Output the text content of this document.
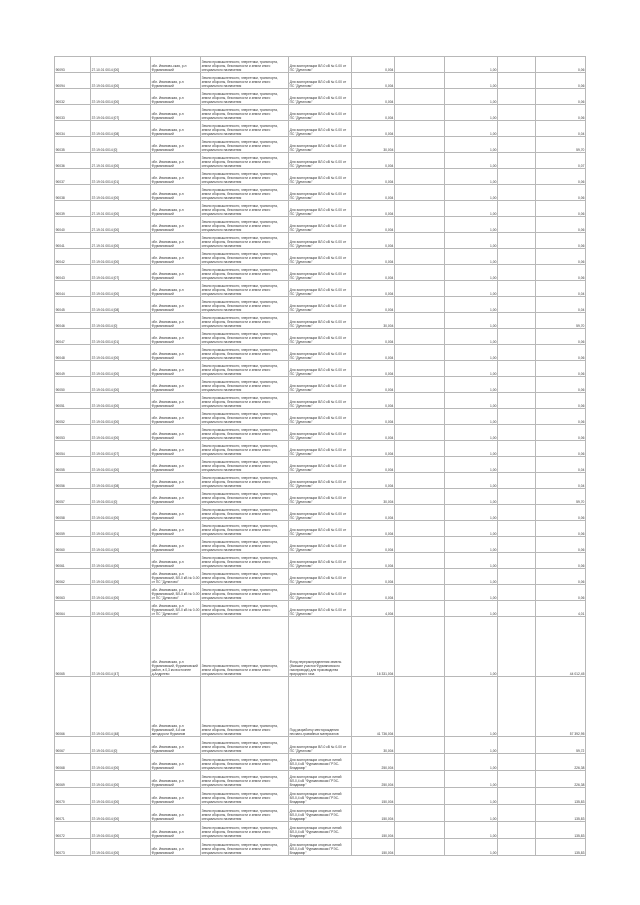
90093	27.10.01 0014 [00]	обл. Иваново-ская, р-н Фурмановский	Земли промышленности, энергетики, транспорта, земли обороны, безопасности и земли иного специального назначения	Для эксплуатации ВЛ-0 кВ № 0-00 от ПС "Дунилово"	0,004		1,00		0,06
90094	37:19:01:0014 [00]	обл. Ивановская, р-н Фурмановский	Земли промышленности, энергетики, транспорта, земли обороны, безопасности и земли иного специального назначения	Для эксплуатации ВЛ-0 кВ № 0-00 от ПС "Дунилово"	0,004		1,00		0,06
90032	37:19:01:0014 [00]	обл. Ивановская, р-н Фурмановский	Земли промышленности, энергетики, транспорта, земли обороны, безопасности и земли иного специального назначения	Для эксплуатации ВЛ-0 кВ № 0-00 от ПС "Дунилово"	0,004		1,00		0,06
90033	37:19:01:0014 [07]	обл. Ивановская, р-н Фурмановский	Земли промышленности, энергетики, транспорта, земли обороны, безопасности и земли иного специального назначения	Для эксплуатации ВЛ-0 кВ № 0-00 от ПС "Дунилово"	0,004		1,00		0,06
90034	37:19:01:0014 [08]	обл. Ивановская, р-н Фурмановский	Земли промышленности, энергетики, транспорта, земли обороны, безопасности и земли иного специального назначения	Для эксплуатации ВЛ-0 кВ № 0-00 от ПС "Дунилово"	0,004		1,00		0,04
90035	37:19:01:0014 [0]	обл. Ивановская, р-н Фурмановский	Земли промышленности, энергетики, транспорта, земли обороны, безопасности и земли иного специального назначения	Для эксплуатации ВЛ-0 кВ № 0-00 от ПС "Дунилово"	30,004		1,00		59,70
90036	27.19.01 0014 [00]	обл. Ивановская, р-н Фурмановский	Земли промышленности, энергетики, транспорта, земли обороны, безопасности и земли иного специального назначения	Для эксплуатации ВЛ-0 кВ № 0-00 от ПС "Дунилово"	0,004		1,00		0,07
90037	37:19:01:0014 [01]	обл. Ивановская, р-н Фурмановский	Земли промышленности, энергетики, транспорта, земли обороны, безопасности и земли иного специального назначения	Для эксплуатации ВЛ-0 кВ № 0-00 от ПС "Дунилово"	0,004		1,00		0,06
90038	37:19:01:0014 [00]	обл. Ивановская, р-н Фурмановский	Земли промышленности, энергетики, транспорта, земли обороны, безопасности и земли иного специального назначения	Для эксплуатации ВЛ-0 кВ № 0-00 от ПС "Дунилово"	0,004		1,00		0,06
90039	27.19.01 0014 [00]	обл. Ивановская, р-н Фурмановский	Земли промышленности, энергетики, транспорта, земли обороны, безопасности и земли иного специального назначения	Для эксплуатации ВЛ-0 кВ № 0-00 от ПС "Дунилово"	0,004		1,00		0,06
90040	27.19.01 0014 [00]	обл. Ивановская, р-н Фурмановский	Земли промышленности, энергетики, транспорта, земли обороны, безопасности и земли иного специального назначения	Для эксплуатации ВЛ-0 кВ № 0-00 от ПС "Дунилово"	0,004		1,00		0,06
90041	27.19.01 0014 [00]	обл. Ивановская, р-н Фурмановский	Земли промышленности, энергетики, транспорта, земли обороны, безопасности и земли иного специального назначения	Для эксплуатации ВЛ-0 кВ № 0-00 от ПС "Дунилово"	0,004		1,00		0,06
90042	37:19:01:0014 [00]	обл. Ивановская, р-н Фурмановский	Земли промышленности, энергетики, транспорта, земли обороны, безопасности и земли иного специального назначения	Для эксплуатации ВЛ-0 кВ № 0-00 от ПС "Дунилово"	0,004		1,00		0,06
90043	37:19:01:0014 [07]	обл. Ивановская, р-н Фурмановский	Земли промышленности, энергетики, транспорта, земли обороны, безопасности и земли иного специального назначения	Для эксплуатации ВЛ-0 кВ № 0-00 от ПС "Дунилово"	0,004		1,00		0,06
90044	37:19:01:0014 [00]	обл. Ивановская, р-н Фурмановский	Земли промышленности, энергетики, транспорта, земли обороны, безопасности и земли иного специального назначения	Для эксплуатации ВЛ-0 кВ № 0-00 от ПС "Дунилово"	0,004		1,00		0,04
90045	37:19:01:0014 [08]	обл. Ивановская, р-н Фурмановский	Земли промышленности, энергетики, транспорта, земли обороны, безопасности и земли иного специального назначения	Для эксплуатации ВЛ-0 кВ № 0-00 от ПС "Дунилово"	0,004		1,00		0,04
90046	37:19:01:0014 [0]	обл. Ивановская, р-н Фурмановский	Земли промышленности, энергетики, транспорта, земли обороны, безопасности и земли иного специального назначения	Для эксплуатации ВЛ-0 кВ № 0-00 от ПС "Дунилово"	30,004		1,00		59,70
90047	37:19:01:0014 [01]	обл. Ивановская, р-н Фурмановский	Земли промышленности, энергетики, транспорта, земли обороны, безопасности и земли иного специального назначения	Для эксплуатации ВЛ-0 кВ № 0-00 от ПС "Дунилово"	0,004		1,00		0,06
90048	37:19:01:0014 [00]	обл. Ивановская, р-н Фурмановский	Земли промышленности, энергетики, транспорта, земли обороны, безопасности и земли иного специального назначения	Для эксплуатации ВЛ-0 кВ № 0-00 от ПС "Дунилово"	0,004		1,00		0,06
90049	37:19:01:0014 [00]	обл. Ивановская, р-н Фурмановский	Земли промышленности, энергетики, транспорта, земли обороны, безопасности и земли иного специального назначения	Для эксплуатации ВЛ-0 кВ № 0-00 от ПС "Дунилово"	0,004		1,00		0,06
90050	37:19:01:0014 [00]	обл. Ивановская, р-н Фурмановский	Земли промышленности, энергетики, транспорта, земли обороны, безопасности и земли иного специального назначения	Для эксплуатации ВЛ-0 кВ № 0-00 от ПС "Дунилово"	0,004		1,00		0,06
90051	37:19:01:0014 [00]	обл. Ивановская, р-н Фурмановский	Земли промышленности, энергетики, транспорта, земли обороны, безопасности и земли иного специального назначения	Для эксплуатации ВЛ-0 кВ № 0-00 от ПС "Дунилово"	0,004		1,00		0,06
90052	37:19:01:0014 [00]	обл. Ивановская, р-н Фурмановский	Земли промышленности, энергетики, транспорта, земли обороны, безопасности и земли иного специального назначения	Для эксплуатации ВЛ-0 кВ № 0-00 от ПС "Дунилово"	0,004		1,00		0,06
90053	37:19:01:0014 [00]	обл. Ивановская, р-н Фурмановский	Земли промышленности, энергетики, транспорта, земли обороны, безопасности и земли иного специального назначения	Для эксплуатации ВЛ-0 кВ № 0-00 от ПС "Дунилово"	0,004		1,00		0,06
90054	37:19:01:0014 [07]	обл. Ивановская, р-н Фурмановский	Земли промышленности, энергетики, транспорта, земли обороны, безопасности и земли иного специального назначения	Для эксплуатации ВЛ-0 кВ № 0-00 от ПС "Дунилово"	0,004		1,00		0,06
90055	37:19:01:0014 [00]	обл. Ивановская, р-н Фурмановский	Земли промышленности, энергетики, транспорта, земли обороны, безопасности и земли иного специального назначения	Для эксплуатации ВЛ-0 кВ № 0-00 от ПС "Дунилово"	0,004		1,00		0,04
90056	37:19:01:0014 [08]	обл. Ивановская, р-н Фурмановский	Земли промышленности, энергетики, транспорта, земли обороны, безопасности и земли иного специального назначения	Для эксплуатации ВЛ-0 кВ № 0-00 от ПС "Дунилово"	0,004		1,00		0,04
90057	37:19:01:0014 [0]	обл. Ивановская, р-н Фурмановский	Земли промышленности, энергетики, транспорта, земли обороны, безопасности и земли иного специального назначения	Для эксплуатации ВЛ-0 кВ № 0-00 от ПС "Дунилово"	30,004		1,00		59,70
90058	37:19:01:0014 [00]	обл. Ивановская, р-н Фурмановский	Земли промышленности, энергетики, транспорта, земли обороны, безопасности и земли иного специального назначения	Для эксплуатации ВЛ-0 кВ № 0-00 от ПС "Дунилово"	0,004		1,00		0,06
90059	37:19:01:0014 [01]	обл. Ивановская, р-н Фурмановский	Земли промышленности, энергетики, транспорта, земли обороны, безопасности и земли иного специального назначения	Для эксплуатации ВЛ-0 кВ № 0-00 от ПС "Дунилово"	0,004		1,00		0,06
90060	37:19:01:0014 [00]	обл. Ивановская, р-н Фурмановский	Земли промышленности, энергетики, транспорта, земли обороны, безопасности и земли иного специального назначения	Для эксплуатации ВЛ-0 кВ № 0-00 от ПС "Дунилово"	0,004		1,00		0,06
90061	37:19:01:0014 [00]	обл. Ивановская, р-н Фурмановский	Земли промышленности, энергетики, транспорта, земли обороны, безопасности и земли иного специального назначения	Для эксплуатации ВЛ-0 кВ № 0-00 от ПС "Дунилово"	0,004		1,00		0,06
90062	37:19:01:0014 [00]	обл. Ивановская, р-н Фурмановский, ВЛ-0 кВ № 0-00 от ПС "Дунилово"	Земли промышленности, энергетики, транспорта, земли обороны, безопасности и земли иного специального назначения	Для эксплуатации ВЛ-0 кВ № 0-00 от ПС "Дунилово"	0,004		1,00		0,06
90063	37:19:01:0014 [00]	обл. Ивановская, р-н Фурмановский, ВЛ-0 кВ № 0-00 от ПС "Дунилово"	Земли промышленности, энергетики, транспорта, земли обороны, безопасности и земли иного специального назначения	Для эксплуатации ВЛ-0 кВ № 0-00 от ПС "Дунилово"	0,004		1,00		0,06
90064	37:19:01:0014 [00]	обл. Ивановская, р-н Фурмановский, ВЛ-0 кВ № 0-00 от ПС "Дунилово"	Земли промышленности, энергетики, транспорта, земли обороны, безопасности и земли иного специального назначения	Для эксплуатации ВЛ-0 кВ № 0-00 от ПС "Дунилово"	4,004		1,00		4,01
90065	37:19:01:0014 [47]	обл. Ивановская, р-н Фурмановский, Фурмановский район, в 0,3 км восточнее д.Андреево	Земли промышленности, энергетики, транспорта, земли обороны, безопасности и земли иного специального назначения	Фонд перераспределения земель (бывшие участки Фурмановского газопровода) для производства природного газа	16 331,004		1,00		44 012,45
90066	37:19:01:0014 [48]	обл. Ивановская, р-н Фурмановский, 4-й км автодороги Фурманов	Земли промышленности, энергетики, транспорта, земли обороны, безопасности и земли иного специального назначения	Под разработку месторождения песчано-гравийных материалов	41 736,004		1,00		57 392,95
90067	37:19:01:0014 [0]	обл. Ивановская, р-н Фурмановский	Земли промышленности, энергетики, транспорта, земли обороны, безопасности и земли иного специального назначения	Для эксплуатации ВЛ-0 кВ № 0-00 от ПС "Дунилово"	30,004		1,00		59,72
90068	37:19:01:0014 [00]	обл. Ивановская, р-н Фурмановский	Земли промышленности, энергетики, транспорта, земли обороны, безопасности и земли иного специального назначения	Для эксплуатации опорных линий ВЛ-0,4 кВ "Фурмановская ГРЭС-Владимир"	250,004		1,00		226,38
90069	37:19:01:0014 [00]	обл. Ивановская, р-н Фурмановский	Земли промышленности, энергетики, транспорта, земли обороны, безопасности и земли иного специального назначения	Для эксплуатации опорных линий ВЛ-0,4 кВ "Фурмановская ГРЭС-Владимир"	250,004		1,00		226,38
90070	37:19:01:0014 [00]	обл. Ивановская, р-н Фурмановский	Земли промышленности, энергетики, транспорта, земли обороны, безопасности и земли иного специального назначения	Для эксплуатации опорных линий ВЛ-0,4 кВ "Фурмановская ГРЭС-Владимир"	150,004		1,00		135,83
90071	37:19:01:0014 [00]	обл. Ивановская, р-н Фурмановский	Земли промышленности, энергетики, транспорта, земли обороны, безопасности и земли иного специального назначения	Для эксплуатации опорных линий ВЛ-0,4 кВ "Фурмановская ГРЭС-Владимир"	150,004		1,00		135,83
90072	37:19:01:0014 [00]	обл. Ивановская, р-н Фурмановский	Земли промышленности, энергетики, транспорта, земли обороны, безопасности и земли иного специального назначения	Для эксплуатации опорных линий ВЛ-0,4 кВ "Фурмановская ГРЭС-Владимир"	150,004		1,00		135,83
90073	37:19:01:0014 [00]	обл. Ивановская, р-н Фурмановский	Земли промышленности, энергетики, транспорта, земли обороны, безопасности и земли иного специального назначения	Для эксплуатации опорных линий ВЛ-0,4 кВ "Фурмановская ГРЭС-Владимир"	150,004		1,00		135,83
